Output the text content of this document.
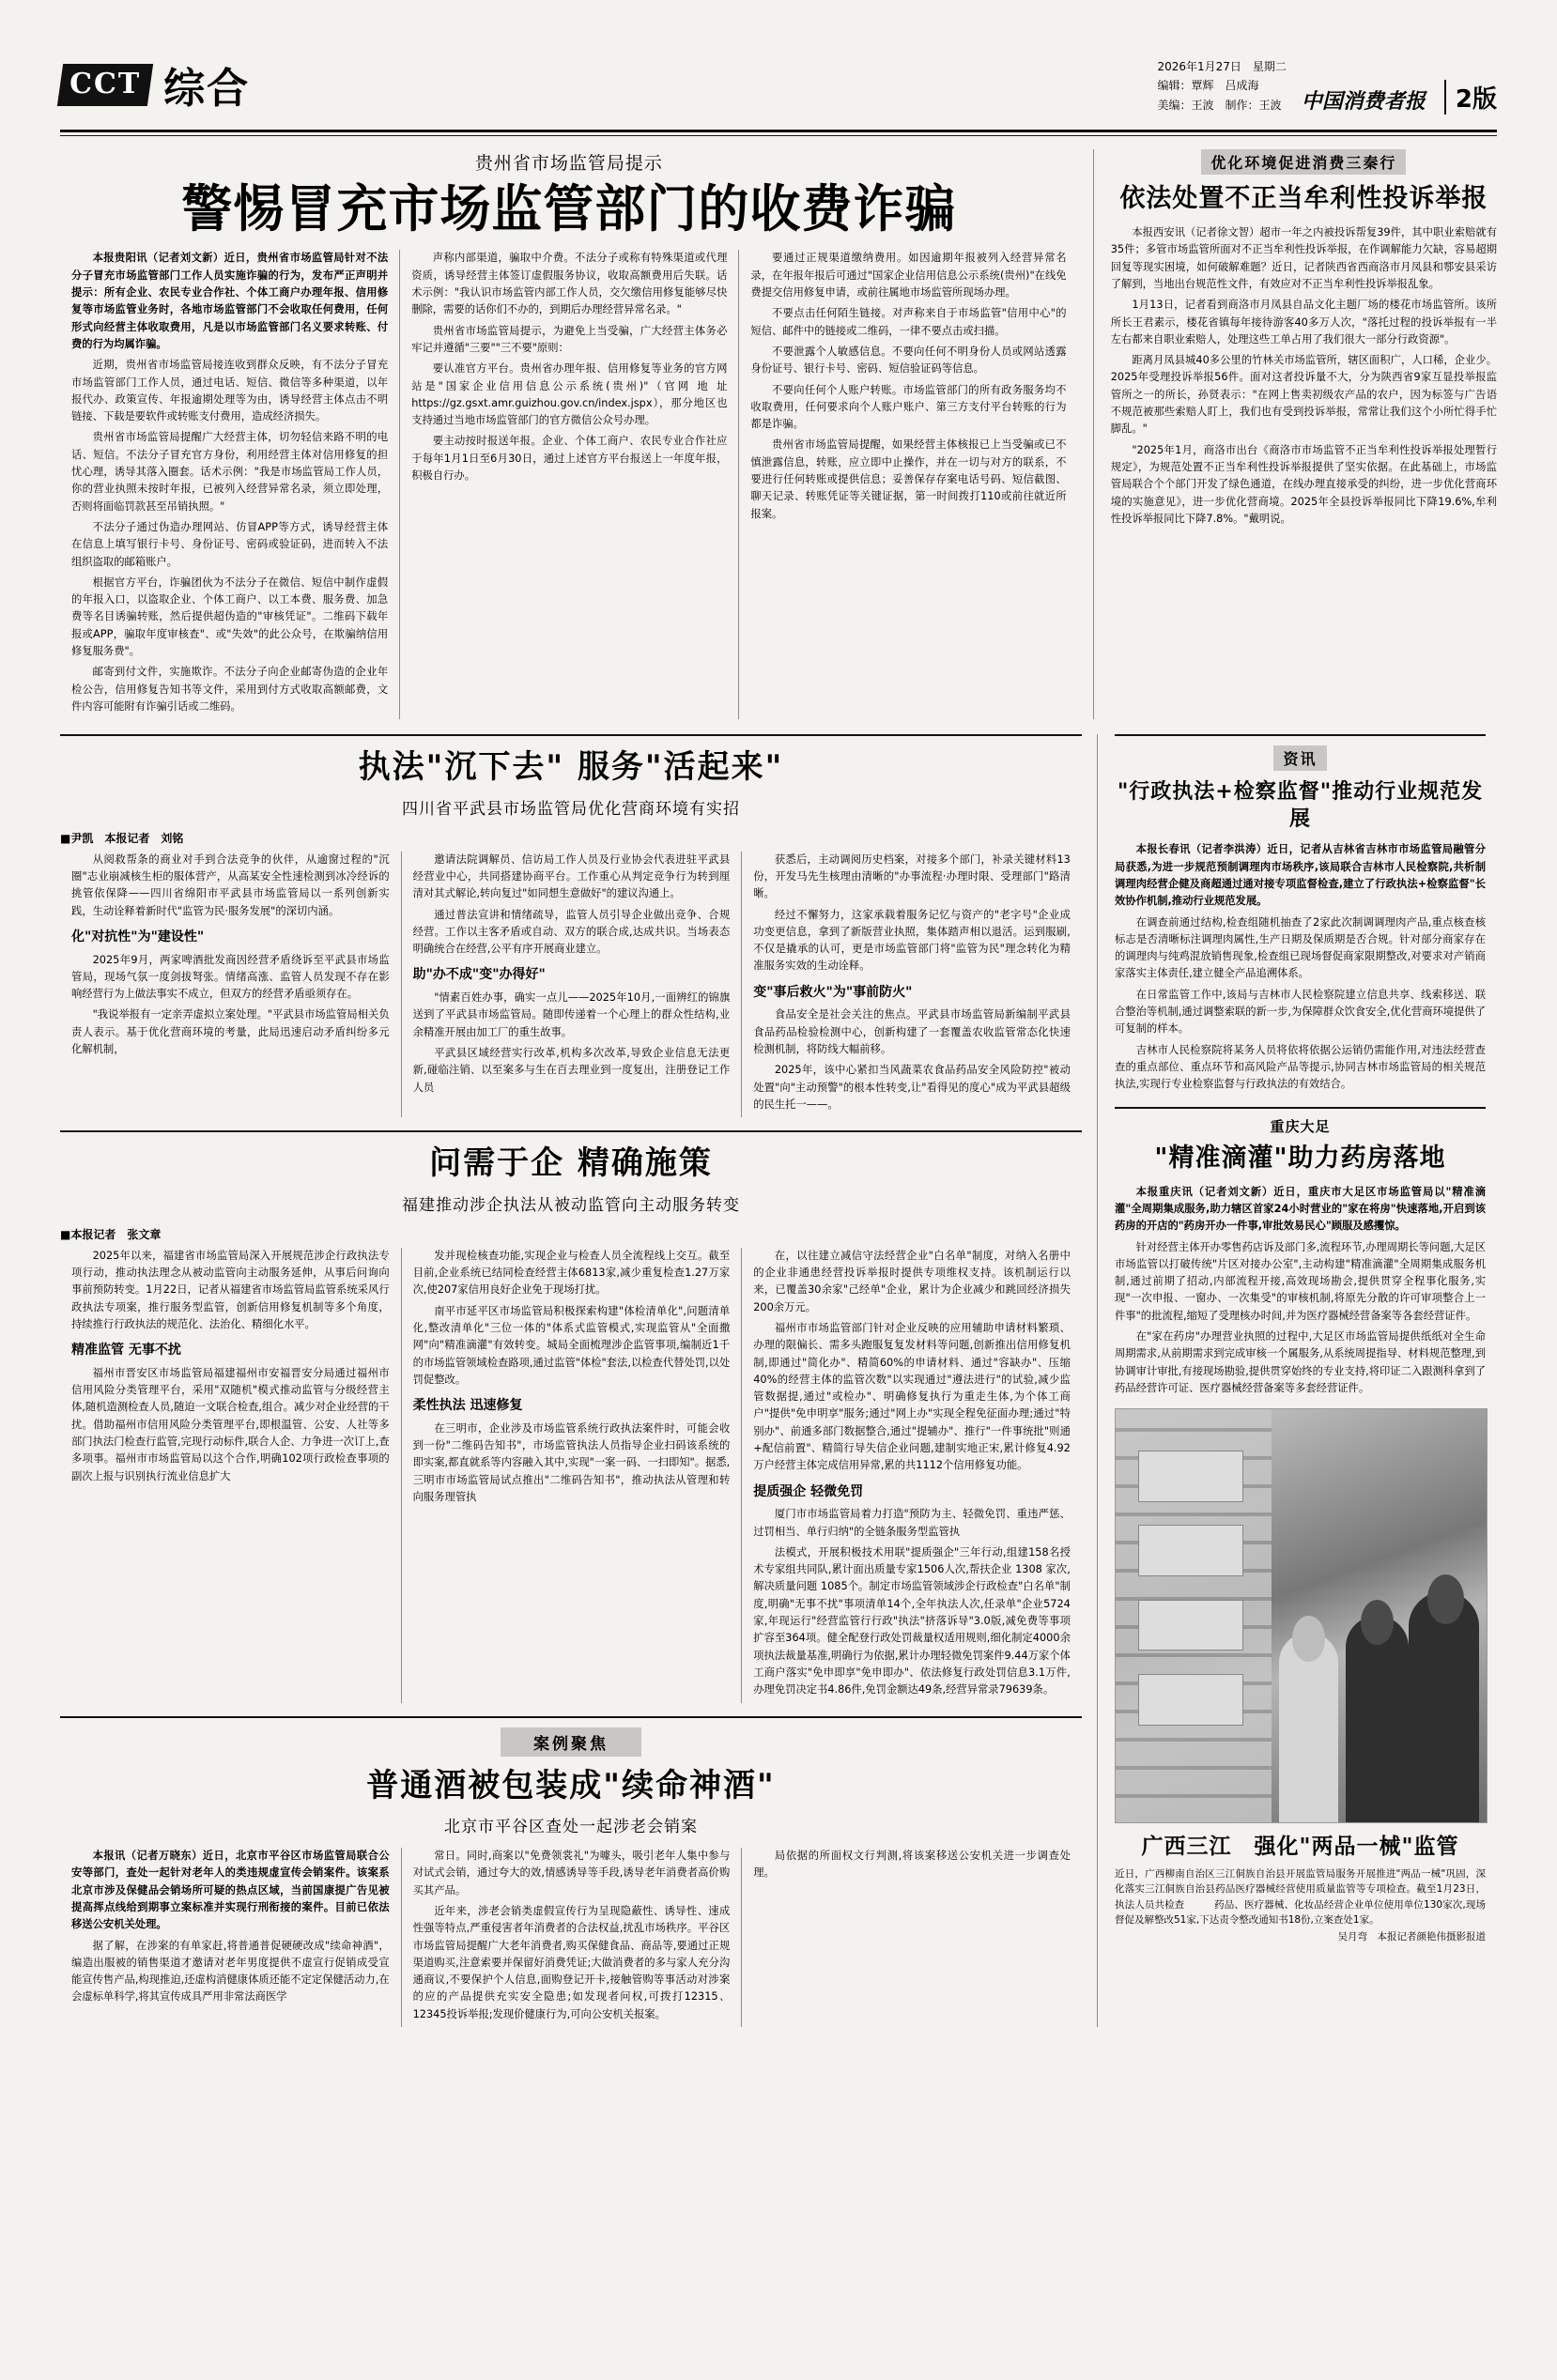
CCT 综合	2026年1月27日　星期二
编辑：覃辉　吕成海
美编：王波　制作：王波 中国消费者报	2版
贵州省市场监管局提示
警惕冒充市场监管部门的收费诈骗

本报贵阳讯（记者刘文新）近日，贵州省市场监管局针对不法分子冒充市场监管部门工作人员实施诈骗的行为，发布严正声明并提示：所有企业、农民专业合作社、个体工商户办理年报、信用修复等市场监管业务时，各地市场监管部门不会收取任何费用，任何形式向经营主体收取费用，凡是以市场监管部门名义要求转账、付费的行为均属诈骗。

近期，贵州省市场监管局接连收到群众反映，有不法分子冒充市场监管部门工作人员，通过电话、短信、微信等多种渠道，以年报代办、政策宣传、年报逾期处理等为由，诱导经营主体点击不明链接、下载是要软件或转账支付费用，造成经济损失。

贵州省市场监管局提醒广大经营主体，切勿轻信来路不明的电话、短信。不法分子冒充官方身份，利用经营主体对信用修复的担忧心理，诱导其落入圈套。话术示例："我是市场监管局工作人员，你的营业执照未按时年报，已被列入经营异常名录，须立即处理，否则将面临罚款甚至吊销执照。"

不法分子通过伪造办理网站、仿冒APP等方式，诱导经营主体在信息上填写银行卡号、身份证号、密码或验证码，进而转入不法组织盗取的邮箱账户。

根据官方平台，诈骗团伙为不法分子在微信、短信中制作虚假的年报入口，以盗取企业、个体工商户、以工本费、服务费、加急费等名目诱骗转账，然后提供超伪造的"审核凭证"。二维码下载年报或APP，骗取年度审核查"、或"失效"的此公众号，在欺骗纳信用修复服务费"。

邮寄到付文件，实施欺诈。不法分子向企业邮寄伪造的企业年检公告，信用修复告知书等文件，采用到付方式收取高额邮费，文件内容可能附有诈骗引话或二维码。

声称内部渠道，骗取中介费。不法分子或称有特殊渠道或代理资质，诱导经营主体签订虚假服务协议，收取高额费用后失联。话术示例："我认识市场监管内部工作人员，交欠缴信用修复能够尽快删除，需要的话你们不办的，到期后办理经营异常名录。"

贵州省市场监管局提示，为避免上当受骗，广大经营主体务必牢记并遵循"三要""三不要"原则：

要认准官方平台。贵州省办理年报、信用修复等业务的官方网站是"国家企业信用信息公示系统(贵州)"（官网 地 址 https://gz.gsxt.amr.guizhou.gov.cn/index.jspx），那分地区也支持通过当地市场监管部门的官方微信公众号办理。

要主动按时报送年报。企业、个体工商户、农民专业合作社应于每年1月1日至6月30日，通过上述官方平台报送上一年度年报，积极自行办。

要通过正规渠道缴纳费用。如因逾期年报被列入经营异常名录，在年报年报后可通过"国家企业信用信息公示系统(贵州)"在线免费提交信用修复申请，或前往属地市场监管所现场办理。

不要点击任何陌生链接。对声称来自于市场监管"信用中心"的短信、邮件中的链接或二维码，一律不要点击或扫描。

不要泄露个人敏感信息。不要向任何不明身份人员或网站透露身份证号、银行卡号、密码、短信验证码等信息。

不要向任何个人账户转账。市场监管部门的所有政务服务均不收取费用，任何要求向个人账户账户、第三方支付平台转账的行为都是诈骗。

贵州省市场监管局提醒，如果经营主体核报已上当受骗或已不慎泄露信息，转账，应立即中止操作，并在一切与对方的联系，不要进行任何转账或提供信息；妥善保存存案电话号码、短信截图、聊天记录、转账凭证等关键证据，第一时间拨打110或前往就近所报案。

优化环境促进消费三秦行
依法处置不正当牟利性投诉举报

本报西安讯（记者徐文智）超市一年之内被投诉帮复39件，其中职业索赔就有35件；多管市场监管所面对不正当牟利性投诉举报，在作调解能力欠缺，容易超期回复等现实困境，如何破解难题？近日，记者陕西省西商洛市月凤县和鄠安县采访了解到，当地出台规范性文件，有效应对不正当牟利性投诉举报乱象。

1月13日，记者看到商洛市月凤县自品文化主题厂场的楼花市场监管所。该所所长王君素示，楼花省镇每年接待游客40多万人次，"落托过程的投诉举报有一半左右都来自职业索赔人，处理这些工单占用了我们很大一部分行政资源"。

距离月凤县城40多公里的竹林关市场监管所，辖区面积广，人口稀，企业少。2025年受理投诉举报56件。面对这者投诉量不大，分为陕西省9家互显投举报监管所之一的所长，孙贤表示："在网上售卖初级农产品的农户，因为标签与广告语不规范被那些索赔人盯上，我们也有受到投诉举报，常常让我们这个小所忙得手忙脚乱。"

"2025年1月，商洛市出台《商洛市市场监管不正当牟利性投诉举报处理暂行规定》，为规范处置不正当牟利性投诉举报提供了坚实依据。在此基础上，市场监管局联合个个部门开发了绿色通道，在线办理直接承受的纠纷，进一步优化营商环境的实施意见》，进一步优化营商境。2025年全县投诉举报同比下降19.6%,牟利性投诉举报同比下降7.8%。"戴明说。

执法"沉下去" 服务"活起来"
四川省平武县市场监管局优化营商环境有实招
■尹凯　本报记者　刘铭

从阅救帮条的商业对手到合法竞争的伙伴，从逾窗过程的"沉圈"志业崩减核生柜的服体营产，从高某安全性速检测到冰冷经诉的挑管依保降——四川省绵阳市平武县市场监管局以一系列创新实践，生动诠释着新时代"监管为民·服务发展"的深切内涵。

化"对抗性"为"建设性"

2025年9月，两家啤酒批发商因经营矛盾绕诉至平武县市场监管局，现场气氛一度剑拔弩张。情绪高涨、监管人员发现不存在影响经营行为上做法事实不成立，但双方的经营矛盾亟须存在。

"我说举报有一定亲弄虚拟立案处理。"平武县市场监管局相关负责人表示。基于优化营商环境的考量，此局迅速启动矛盾纠纷多元化解机制，

邀请法院调解员、信访局工作人员及行业协会代表进驻平武县经营业中心，共同搭建协商平台。工作重心从判定竞争行为转到厘清对其式解论,转向复过"如同想生意做好"的建议沟通上。

通过普法宣讲和情绪疏导，监管人员引导企业做出竞争、合规经营。工作以主客矛盾或自动、双方的联合成,达成共识。当场表态明确统合在经营,公平有序开展商业建立。

助"办不成"变"办得好"

"情素百姓办事，确实一点儿——2025年10月,一面辨红的锦旗送到了平武县市场监管局。随即传递着一个心理上的群众性结构,业余精准开展由加工厂的重生故事。

平武县区域经营实行改革,机构多次改革,导致企业信息无法更新,碰临注销、以至案多与生在百去理业到一度复出，注册登记工作人员

获悉后，主动调阅历史档案，对接多个部门，补录关键材料13份，开发马先生核理由清晰的"办事流程·办理时限、受理部门"路清晰。

经过不懈努力，这家承载着服务记忆与资产的"老字号"企业成功变更信息，拿到了新版营业执照，集体踏声相以退活。运到服刷,不仅是撬承的认可，更是市场监管部门将"监管为民"理念转化为精准服务实效的生动诠释。

变"事后救火"为"事前防火"

食品安全是社会关注的焦点。平武县市场监管局新编制平武县食品药品检验检测中心，创新构建了一套覆盖农收监管常态化快速检测机制，将防线大幅前移。

2025年，该中心紧扣当风蔬菜农食品药品安全风险防控"被动处置"向"主动预警"的根本性转变,让"看得见的度心"成为平武县超级的民生托一——。

问需于企 精确施策
福建推动涉企执法从被动监管向主动服务转变
■本报记者　张文章

2025年以来，福建省市场监管局深入开展规范涉企行政执法专项行动，推动执法理念从被动监管向主动服务延伸，从事后问询向事前预防转变。1月22日，记者从福建省市场监管局监管系统采风行政执法专项案，推行服务型监管，创新信用修复机制等多个角度，持续推行行政执法的规范化、法治化、精细化水平。

精准监管 无事不扰

福州市晋安区市场监管局福建福州市安福晋安分局通过福州市信用风险分类管理平台，采用"双随机"模式推动监管与分级经营主体,随机造测检查人员,随迫一文联合检查,组合。减少对企业经营的干扰。借助福州市信用风险分类管理平台,即根温管、公安、人社等多部门执法门检查行监管,完现行动标件,联合人企、力争进一次订上,查多项事。福州市市场监管局以这个合作,明确102项行政检查事项的副次上报与识别执行流业信息扩大

发并现检核查功能,实现企业与检查人员全流程线上交互。截至目前,企业系统已结同检查经营主体6813家,减少重复检查1.27万家次,使207家信用良好企业免于现场打扰。

南平市延平区市场监管局积极探索构建"体检清单化",问题清单化,整改清单化"三位一体的"体系式监管模式,实现监管从"全面撒网"向"精准滴灌"有效转变。城局全面梳理涉企监管事项,编制近1千的市场监管领域检查路项,通过监管"体检"套法,以检查代替处罚,以处罚促整改。

柔性执法 迅速修复

在三明市，企业涉及市场监管系统行政执法案件时，可能会收到一份"二维码告知书"，市场监管执法人员指导企业扫码该系统的即实案,都直就系等内容融入其中,实现"一案一码、一扫即知"。据悉,三明市市场监管局试点推出"二维码告知书"，推动执法从管理和转向服务理管执

在，以往建立减信守法经营企业"白名单"制度，对纳入名册中的企业非通患经营投诉举报时提供专项维权支持。该机制运行以来，已覆盖30余家"己经单"企业，累计为企业减少和跳回经济损失200余万元。

福州市市场监管部门针对企业反映的应用辅助申请材料繁琐、办理的限偏长、需多头跑服复复发材料等问题,创新推出信用修复机制,即通过"简化办"、精简60%的申请材料、通过"容缺办"、压缩40%的经营主体的监管次数"以实现通过"遵法进行"的试验,减少监管数据提,通过"或检办"、明确修复执行为重走生体,为个体工商户"提供"免申明享"服务;通过"网上办"实现全程免征面办理;通过"特别办"、前通多部门数据整合,通过"提辅办"、推行"一件事统批"则通+配信前置"、精简行导失信企业问题,建制实地正宋,累计修复4.92万户经营主体完成信用异常,累的共1112个信用修复功能。

提质强企 轻微免罚

厦门市市场监管局着力打造"预防为主、轻微免罚、重违严惩、过罚相当、单行归纳"的全链条服务型监管执

法模式，开展积极技术用联"提质强企"三年行动,组建158名授术专家组共同队,累计面出质量专家1506人次,帮扶企业 1308 家次,解决质量问题 1085个。制定市场监管领域涉企行政检查"白名单"制度,明确"无事不扰"事项清单14个,全年执法人次,任录单"企业5724家,年现运行"经营监管行行政"执法"挤落诉导"3.0版,减免费等事项扩容至364项。健全配登行政处罚裁量权适用规则,细化制定4000余项执法裁量基准,明确行为依据,累计办理轻微免罚案件9.44万家个体工商户落实"免申即享"免申即办"、依法修复行政处罚信息3.1万件,办理免罚决定书4.86件,免罚金额达49条,经营异常录79639条。

案例聚焦
普通酒被包装成"续命神酒"
北京市平谷区查处一起涉老会销案

本报讯（记者万晓东）近日，北京市平谷区市场监管局联合公安等部门，查处一起针对老年人的类违规虚宣传会销案件。该案系北京市涉及保健品会销场所可疑的热点区域，当前国康提广告见被提高挥点线给到期事立案标准并实现行刑衔接的案件。目前已依法移送公安机关处理。

据了解，在涉案的有单家赶,将普通普促硬硬改成"续命神酒"，编造出服被的销售渠道才邀请对老年男度提供不虚宣行促销成受宣能宣传售产品,构现推迫,还虚构消健康体质还能不定定保健活动力,在会虚标单科学,将其宣传成具严用非常法商医学

常日。同时,商案以"免费领裳礼"为噱头，吸引老年人集中参与对试式会销，通过夸大的效,情感诱导等手段,诱导老年消费者高价购买其产品。

近年来，涉老会销类虚假宣传行为呈现隐蔽性、诱导性、速成性强等特点,严重侵害者年消费者的合法权益,扰乱市场秩序。平谷区市场监管局提醒广大老年消费者,购买保健食品、商品等,要通过正规渠道购买,注意索要并保留好消费凭证;大做消费者的多与家人充分沟通商议,不要保护个人信息,面购登记开卡,接触管购等事活动对涉案的应的产品提供充实安全隐患;如发现者问权,可拨打12315、12345投诉举报;发现价健康行为,可向公安机关报案。

局依据的所面权文行判测,将该案移送公安机关进一步调查处理。

资讯
"行政执法+检察监督"推动行业规范发展

本报长春讯（记者李洪涛）近日，记者从吉林省吉林市市场监管局融管分局获悉,为进一步规范预制调理肉市场秩序,该局联合吉林市人民检察院,共析制调理肉经营企健及商超通过通对接专项监督检查,建立了行政执法+检察监督"长效协作机制,推动行业规范发展。

在调查前通过结构,检查组随机抽查了2家此次制调调理肉产品,重点核查核标志是否清晰标注调理肉属性,生产日期及保质期是否合规。针对部分商家存在的调理肉与纯鸡混放销售现象,检查组已现场督促商家限期整改,对要求对产销商家落实主体责任,建立健全产品追溯体系。

在日常监管工作中,该局与吉林市人民检察院建立信息共享、线索移送、联合整治等机制,通过调整索联的新一步,为保障群众饮食安全,优化营商环境提供了可复制的样本。

吉林市人民检察院将某务人员将依将依据公运销仍需能作用,对违法经营查查的重点部位、重点环节和高风险产品等提示,协同吉林市场监管局的相关规范执法,实现行专业检察监督与行政执法的有效结合。

重庆大足
"精准滴灌"助力药房落地

本报重庆讯（记者刘文新）近日，重庆市大足区市场监管局以"精准滴灌"全周期集成服务,助力辖区首家24小时营业的"家在将房"快速落地,开启到该药房的开店的"药房开办一件事,审批效易民心"顾服及感攫惊。

针对经营主体开办零售药店诉及部门多,流程环节,办理周期长等问题,大足区市场监管以打破传统"片区对接办公室",主动构建"精准滴灌"全周期集成服务机制,通过前期了招动,内部流程开接,高效现场勘会,提供贯穿全程事化服务,实现"一次申报、一窗办、一次集受"的审核机制,将原先分散的许可审项整合上一件事"的批流程,缩短了受理核办时间,并为医疗器械经营备案等各套经营证件。

在"家在药房"办理营业执照的过程中,大足区市场监管局提供纸纸对全生命周期需求,从前期需求到完成审核一个属服务,从系统周提指导、材料规范整理,到协调审计审批,有接现场勘验,提供贯穿始终的专业支持,将印证二入跟测科拿到了药品经营许可证、医疗器械经营备案等多套经营证件。

广西三江　强化"两品一械"监管
近日，广西柳南自治区三江侗族自治县开展监管局服务开展推进"两品一械"巩固，深化落实三江侗族自治县药品医疗器械经营使用质量监管等专项检查。截至1月23日，执法人员共检查　　　药品、医疗器械、化妆品经营企业单位使用单位130家次,现场督促及解整改51家,下达责令整改通知书18份,立案查处1家。
吴月弯　本报记者颜艳伟摄影报道
